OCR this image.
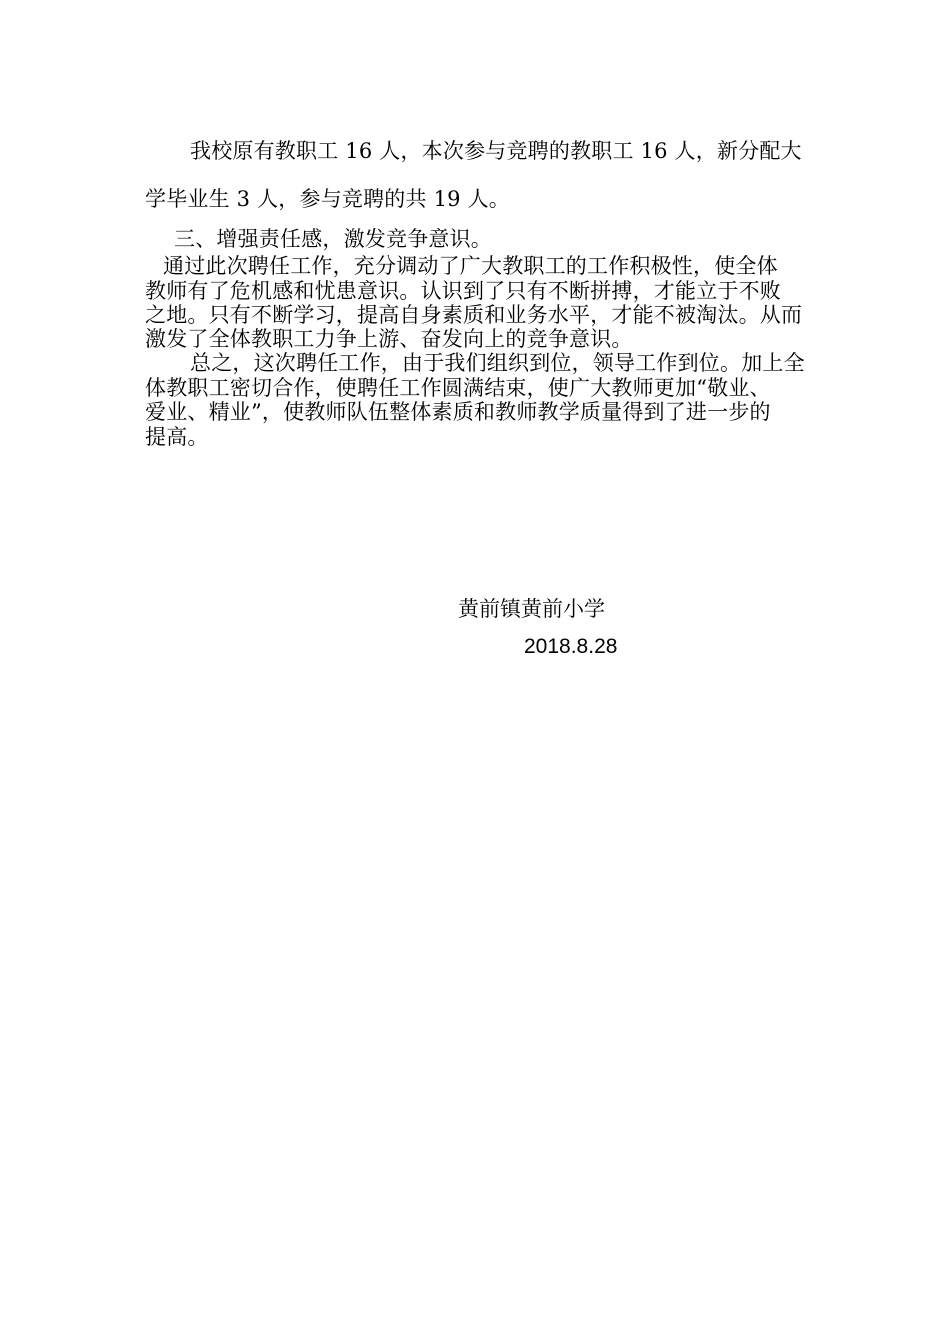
我校原有教职工 16 人，本次参与竞聘的教职工 16 人，新分配大
学毕业生 3 人，参与竞聘的共 19 人。
三、增强责任感，激发竞争意识。
通过此次聘任工作，充分调动了广大教职工的工作积极性，使全体
教师有了危机感和忧患意识。认识到了只有不断拼搏，才能立于不败
之地。只有不断学习，提高自身素质和业务水平，才能不被淘汰。从而
激发了全体教职工力争上游、奋发向上的竞争意识。
总之，这次聘任工作，由于我们组织到位，领导工作到位。加上全
体教职工密切合作，使聘任工作圆满结束，使广大教师更加“敬业、
爱业、精业”，使教师队伍整体素质和教师教学质量得到了进一步的
提高。
黄前镇黄前小学
2018.8.28
